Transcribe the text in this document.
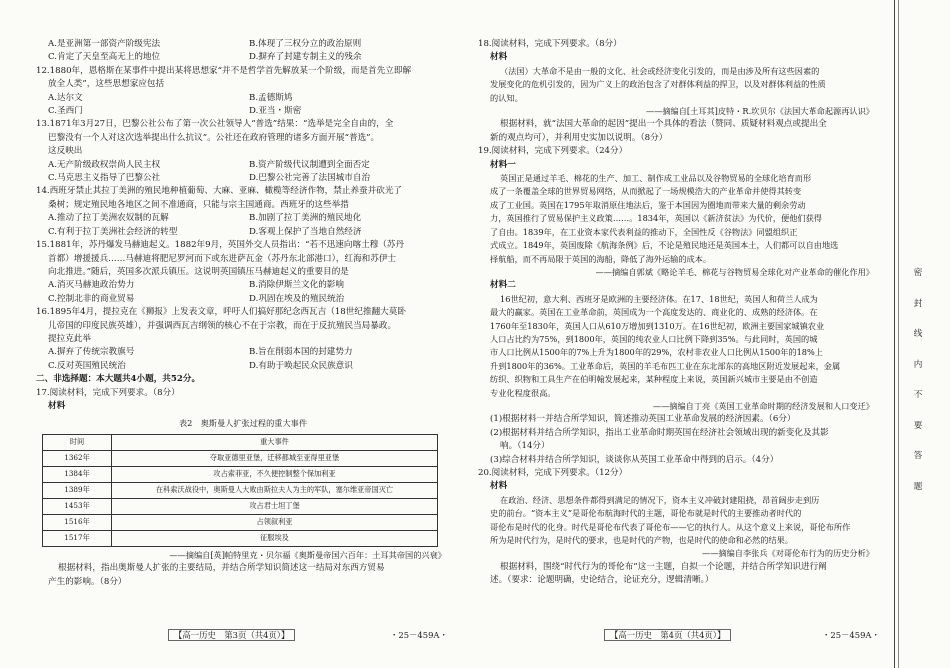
A.是亚洲第一部资产阶级宪法	B.体现了三权分立的政治原则
C.肯定了天皇至高无上的地位	D.摒弃了封建专制主义的残余
12.1880年，恩格斯在某事件中提出某将思想家“并不是哲学首先解放某一个阶级，而是首先立即解
放全人类”，这些思想家应包括
A.达尔文	B.孟德斯鸠
C.圣西门	D.亚当・斯密
13.1871年3月27日，巴黎公社公布了第一次公社领导人“普选”结果：“选举是完全自由的，全
巴黎没有一个人对这次选举提出什么抗议”。公社还在政府管理的诸多方面开展“普选”。
这反映出
A.无产阶级政权崇尚人民主权	B.资产阶级代议制遭到全面否定
C.马克思主义指导了巴黎公社	D.巴黎公社完善了法国城市自治
14.西班牙禁止其拉丁美洲的殖民地种植葡萄、大麻、亚麻、橄榄等经济作物，禁止养蚕并砍光了
桑树；规定殖民地各地区之间不准通商，只能与宗主国通商。西班牙的这些举措
A.推动了拉丁美洲农奴制的瓦解	B.加剧了拉丁美洲的殖民地化
C.有利于拉丁美洲社会经济的转型	D.客观上保护了当地自然经济
15.1881年，苏丹爆发马赫迪起义。1882年9月，英国外交人员指出：“若不迅速向喀土穆（苏丹
首都）增援援兵……马赫迪将肥尼罗河而下或东进萨瓦金（苏丹东北部港口），红海和苏伊士
向北推进。”随后，英国多次派兵镇压。这说明英国镇压马赫迪起义的重要目的是
A.消灭马赫迪政治势力	B.消除伊斯兰文化的影响
C.控制北非的商业贸易	D.巩固在埃及的殖民统治
16.1895年4月，提拉克在《狮报》上发表文章，呼吁人们搞好那纪念西瓦吉（18世纪推翻大莫卧
儿帝国的印度民族英雄），并强调西瓦吉纲领的核心不在于宗教，而在于反抗殖民当局暴政。
提拉克此举
A.摒弃了传统宗教旗号	B.旨在削弱本国的封建势力
C.反对英国殖民统治	D.有助于唤起民众民族意识
二、非选择题：本大题共4小题，共52分。
17.阅读材料，完成下列要求。（8分）
材料
表2　奥斯曼人扩张过程的重大事件
时间	重大事件
1362年	夺取亚德里亚堡，迁移都城至亚得里亚堡
1384年	攻占索菲亚，不久便控制整个保加利亚
1389年	在科索沃战役中，奥斯曼人大败由斯拉夫人为主的军队，塞尔维亚帝国灭亡
1453年	攻占君士坦丁堡
1516年	占领叙利亚
1517年	征服埃及
——摘编自[英]帕特里克・贝尔福《奥斯曼帝国六百年：土耳其帝国的兴衰》
根据材料，指出奥斯曼人扩张的主要结局，并结合所学知识简述这一结局对东西方贸易
产生的影响。（8分）
【高一历史　第3页（共4页）】	・25－459A・
18.阅读材料，完成下列要求。（8分）
材料
（法国）大革命不是由一般的文化、社会或经济变化引发的，而是由涉及所有这些因素的
发展变化的危机引发的，因为广义上的政治包含了对群体利益的捍卫，以及对群体利益的性质
的认知。
——摘编自[土耳其]皮特・R.坎贝尔《法国大革命起源再认识》
根据材料，就“法国大革命的起因”提出一个具体的看法（赞同、质疑材料观点或提出全
新的观点均可），并利用史实加以说明。（8分）
19.阅读材料，完成下列要求。（24分）
材料一
英国正是通过羊毛、棉花的生产、加工、制作成工业品以及谷物贸易的全球化培育而形
成了一条覆盖全球的世界贸易网络，从而掀起了一场规模浩大的产业革命并使得其转变
成了工业国。英国在1795年取消原住地法后，鉴于本国因为圈地而带来大量的剩余劳动
力，英国推行了贸易保护主义政策……。1834年，英国以《新济贫法》为代价，便他们获得
了自由。1839年，在工业资本家代表利益的推动下，全国性反《谷物法》同盟组织正
式成立。1849年，英国废除《航海条例》后，不论是殖民地还是英国本土，人们都可以自由地选
择航船，而不再局限于英国的海船，降低了海外运输的成本。
——摘编自郭斌《略论羊毛、棉花与谷物贸易全球化对产业革命的催化作用》
材料二
16世纪初，意大利、西班牙是欧洲的主要经济体。在17、18世纪，英国人和荷兰人成为
最大的赢家。英国在工业革命前，英国成为一个高度发达的、商业化的、成熟的经济体。在
1760年至1830年，英国人口从610万增加到1310万。在16世纪初，欧洲主要国家城镇农业
人口占比约为75%，到1800年，英国的纯农业人口比例下降到35%。与此同时，英国的城
市人口比例从1500年的7%上升为1800年的29%，农村非农业人口比例从1500年的18%上
升到1800年的36%。工业革命后，英国的羊毛布匹工业在东北部东的高地区附近发展起来，金属
纺织、织物和工具生产在伯明翰发展起来，某种程度上来说，英国新兴城市主要是由不创造
专业化程度很高。
——摘编自丁亮《英国工业革命时期的经济发展和人口变迁》
(1)根据材料一并结合所学知识，简述推动英国工业革命发展的经济因素。（6分）
(2)根据材料并结合所学知识，指出工业革命时期英国在经济社会领域出现的新变化及其影
响。（14分）
(3)综合材料并结合所学知识，谈谈你从英国工业革命中得到的启示。（4分）
20.阅读材料，完成下列要求。（12分）
材料
在政治、经济、思想条件都得到满足的情况下，资本主义冲破封建阻挠，昂首阔步走到历
史的前台。“资本主义”是哥伦布航海时代的主题，哥伦布就是时代的主要推动者时代的
哥伦布是时代的化身。时代是哥伦布代表了哥伦布——它的执行人。从这个意义上来说，哥伦布所作
所为是时代行为，是时代的要求，也是时代的产物，也是时代的使命和必然的结果。
——摘编自李张兵《对哥伦布行为的历史分析》
根据材料，围绕“时代行为的哥伦布”这一主题，自拟一个论题，并结合所学知识进行阐
述。（要求：论题明确，史论结合，论证充分，逻辑清晰。）
【高一历史　第4页（共4页）】	・25－459A・
密
封
线
内
不
要
答
题
